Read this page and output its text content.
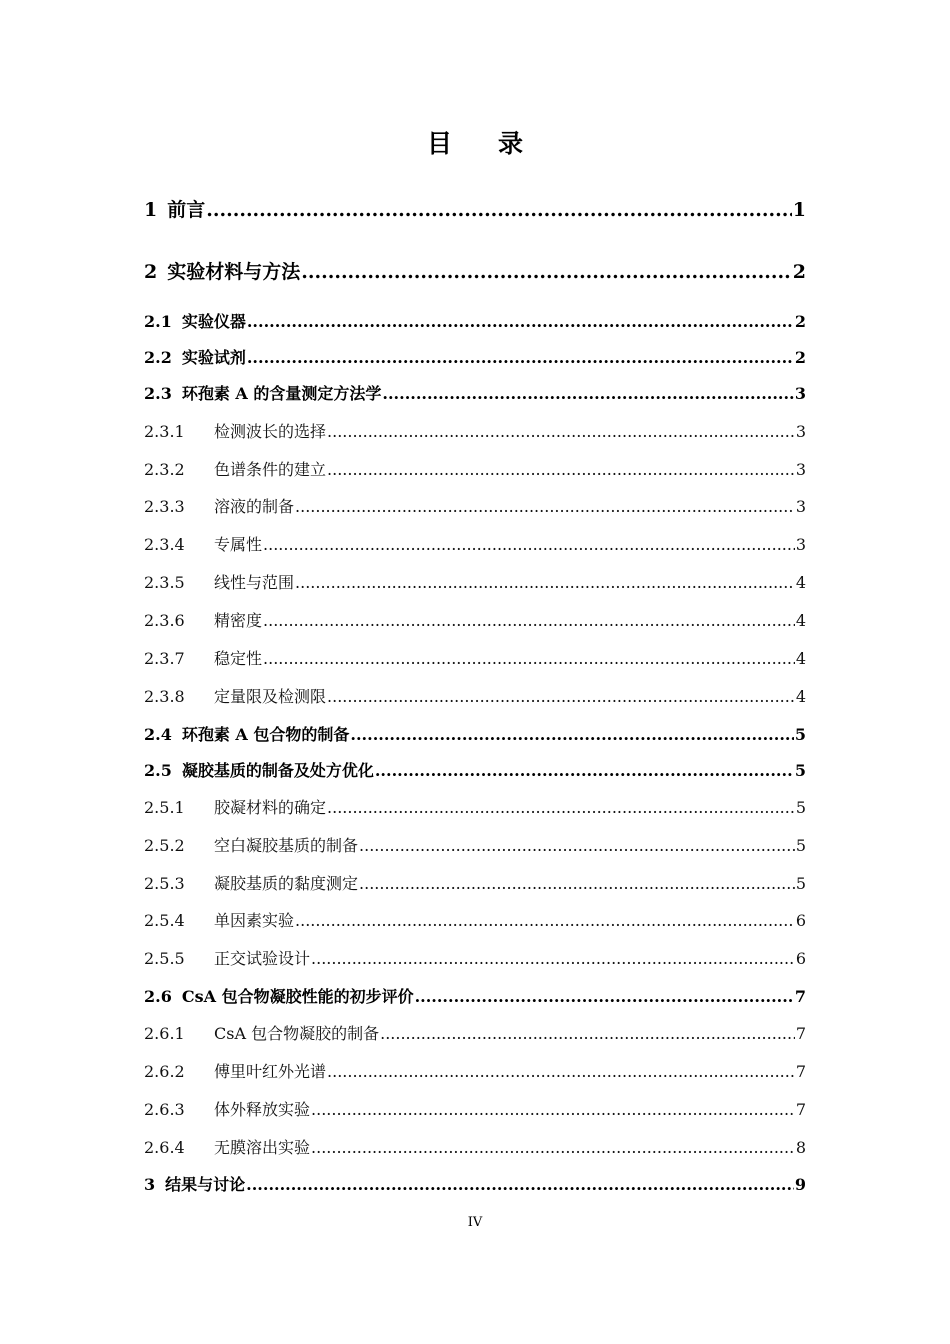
目 录
1 前言 .....	1
2 实验材料与方法 .....	2
2.1 实验仪器 .....	2
2.2 实验试剂 .....	2
2.3 环孢素 A 的含量测定方法学 .....	3
2.3.1 检测波长的选择 .....	3
2.3.2 色谱条件的建立 .....	3
2.3.3 溶液的制备 .....	3
2.3.4 专属性 .....	3
2.3.5 线性与范围 .....	4
2.3.6 精密度 .....	4
2.3.7 稳定性 .....	4
2.3.8 定量限及检测限 .....	4
2.4 环孢素 A 包合物的制备 .....	5
2.5 凝胶基质的制备及处方优化 .....	5
2.5.1 胶凝材料的确定 .....	5
2.5.2 空白凝胶基质的制备 .....	5
2.5.3 凝胶基质的黏度测定 .....	5
2.5.4 单因素实验 .....	6
2.5.5 正交试验设计 .....	6
2.6 CsA 包合物凝胶性能的初步评价 .....	7
2.6.1 CsA 包合物凝胶的制备 .....	7
2.6.2 傅里叶红外光谱 .....	7
2.6.3 体外释放实验 .....	7
2.6.4 无膜溶出实验 .....	8
3 结果与讨论 .....	9
IV
